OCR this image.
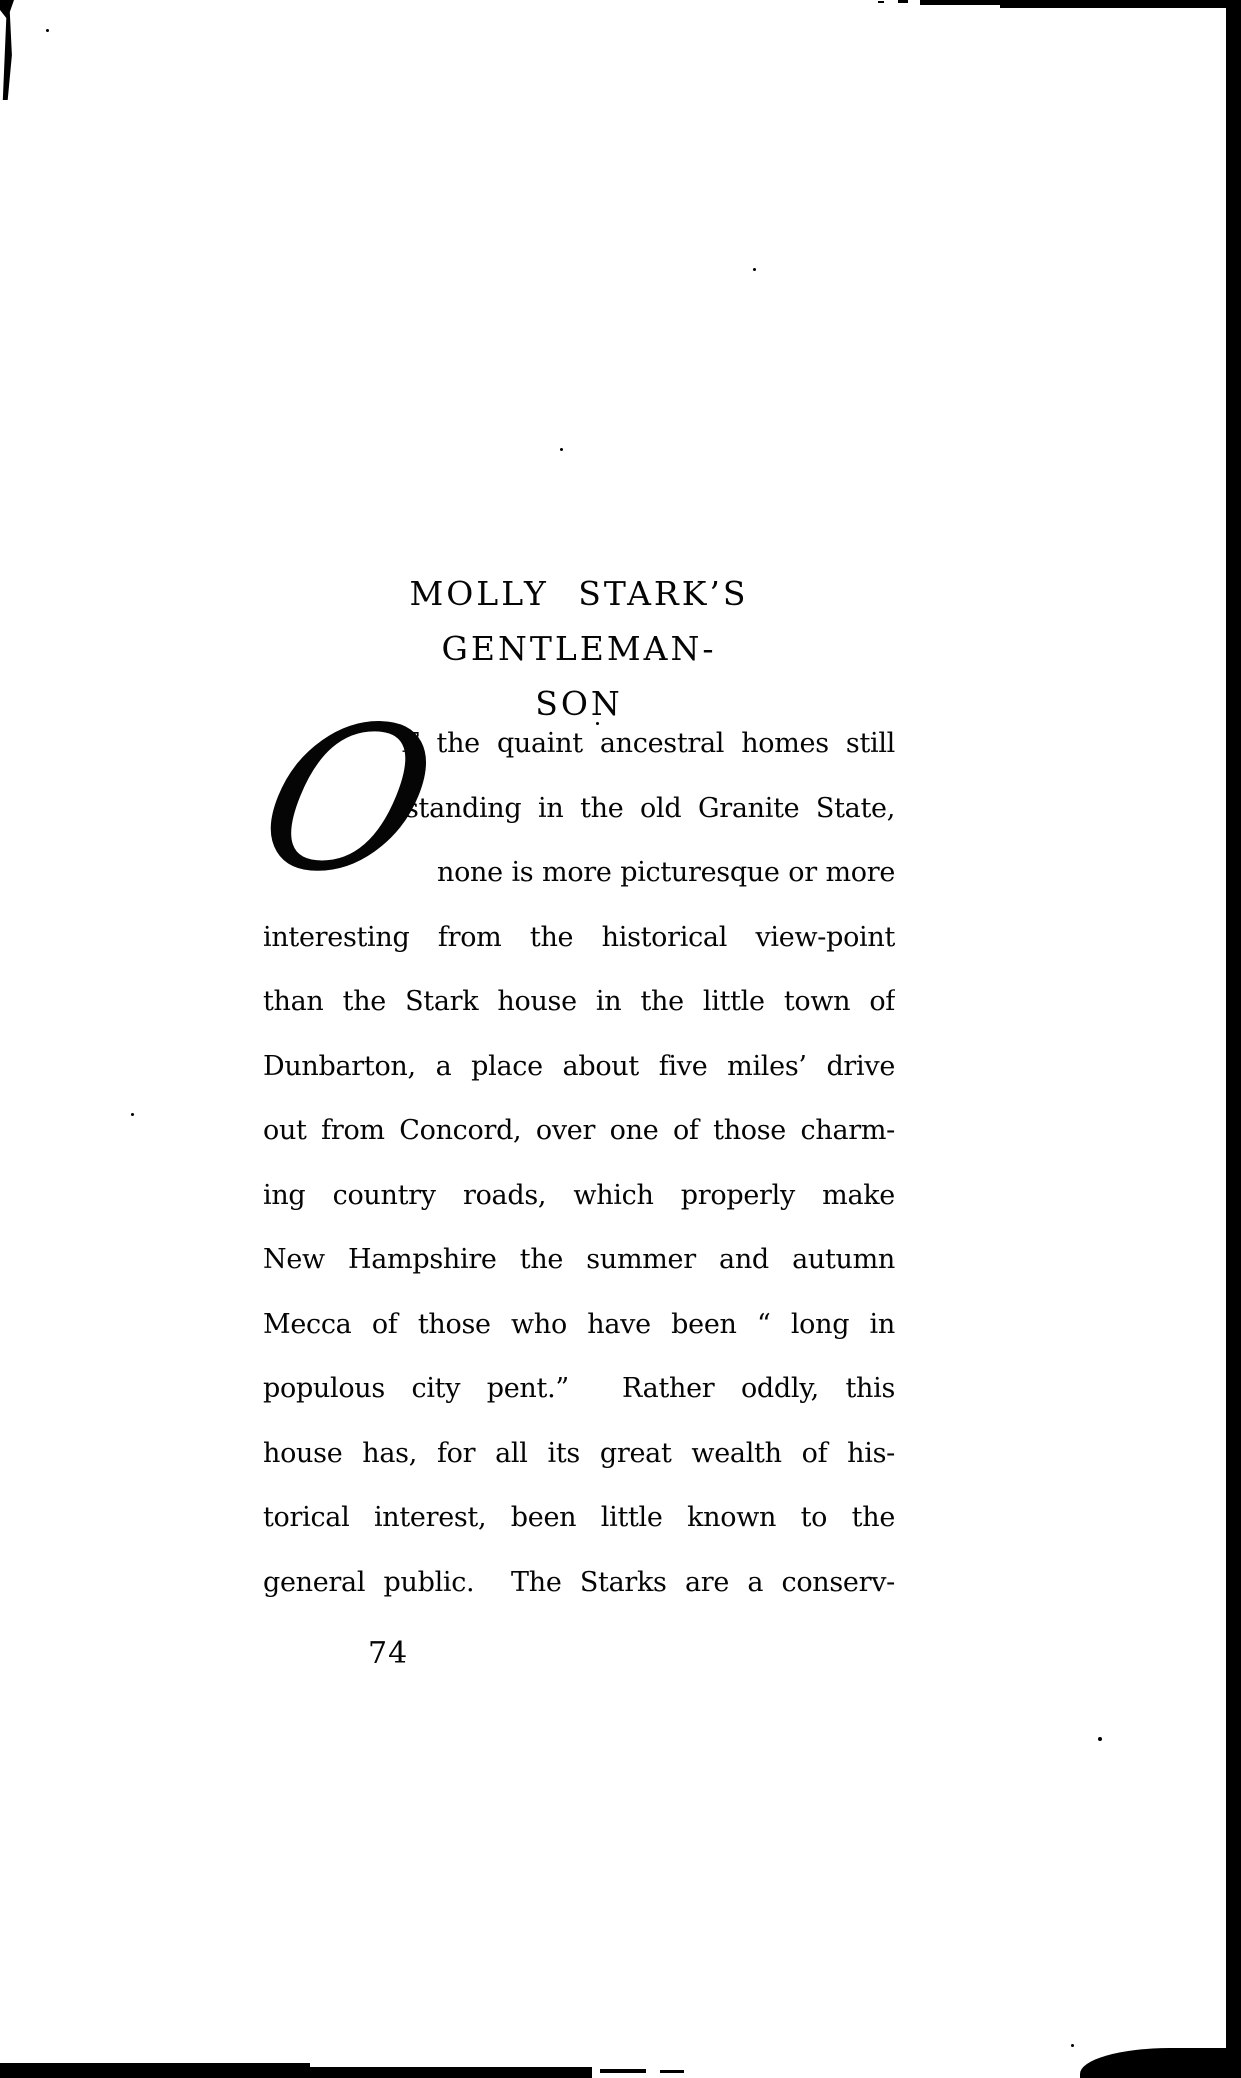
MOLLY STARK’S GENTLEMAN-
SON
O
F the quaint ancestral homes still
standing in the old Granite State,
none is more picturesque or more
interesting from the historical view-point
than the Stark house in the little town of
Dunbarton, a place about five miles’ drive
out from Concord, over one of those charm-
ing country roads, which properly make
New Hampshire the summer and autumn
Mecca of those who have been “ long in
populous city pent.”  Rather oddly, this
house has, for all its great wealth of his-
torical interest, been little known to the
general public.  The Starks are a conserv-
74
